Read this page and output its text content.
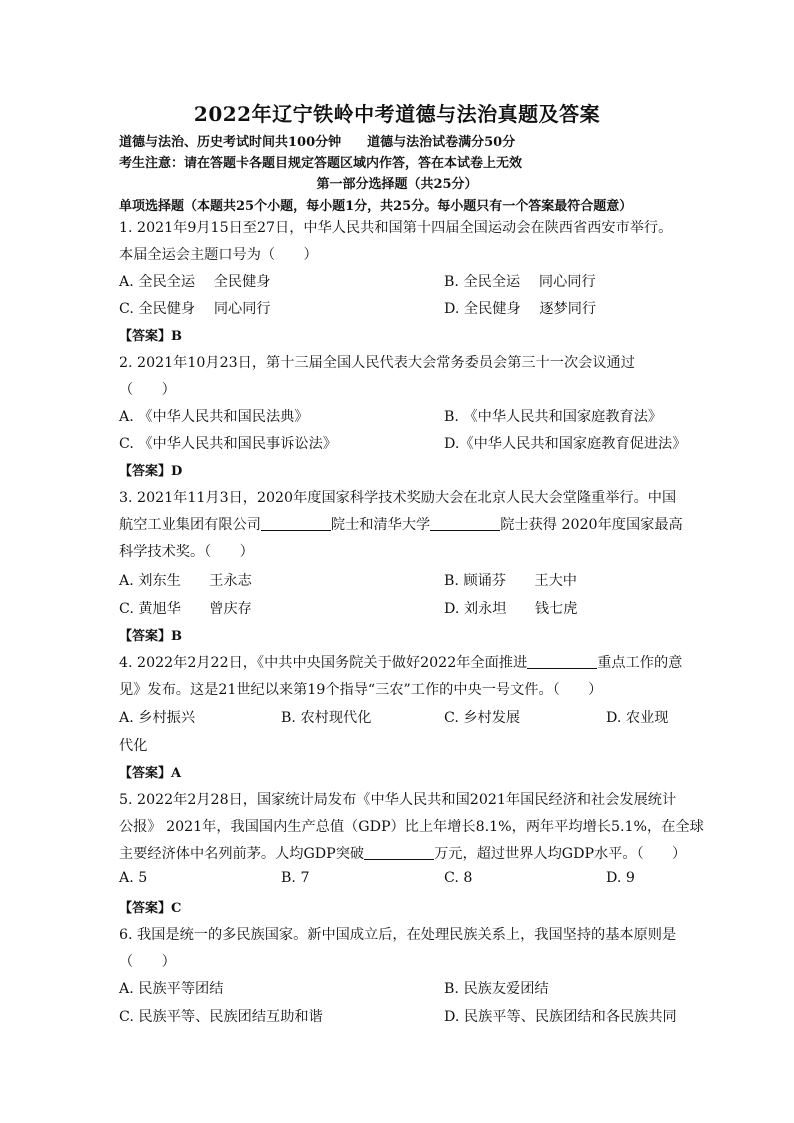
2022年辽宁铁岭中考道德与法治真题及答案
道德与法治、历史考试时间共100分钟　　道德与法治试卷满分50分
考生注意：请在答题卡各题目规定答题区域内作答，答在本试卷上无效
第一部分选择题（共25分）
单项选择题（本题共25个小题，每小题1分，共25分。每小题只有一个答案最符合题意）
1. 2021年9月15日至27日，中华人民共和国第十四届全国运动会在陕西省西安市举行。
本届全运会主题口号为（　　）
A. 全民全运　 全民健身	B. 全民全运　 同心同行
C. 全民健身　 同心同行	D. 全民健身　 逐梦同行
【答案】B
2. 2021年10月23日，第十三届全国人民代表大会常务委员会第三十一次会议通过
（　　）
A. 《中华人民共和国民法典》	B. 《中华人民共和国家庭教育法》
C. 《中华人民共和国民事诉讼法》	D.《中华人民共和国家庭教育促进法》
【答案】D
3. 2021年11月3日，2020年度国家科学技术奖励大会在北京人民大会堂隆重举行。中国
航空工业集团有限公司	院士和清华大学	院士获得 2020年度国家最高
科学技术奖。（　　）
A. 刘东生　　王永志	B. 顾诵芬　　王大中
C. 黄旭华　　曾庆存	D. 刘永坦　　钱七虎
【答案】B
4. 2022年2月22日，《中共中央国务院关于做好2022年全面推进	重点工作的意
见》发布。这是21世纪以来第19个指导“三农”工作的中央一号文件。（　　）
A. 乡村振兴	B. 农村现代化	C. 乡村发展	D. 农业现
代化
【答案】A
5. 2022年2月28日，国家统计局发布《中华人民共和国2021年国民经济和社会发展统计
公报》 2021年，我国国内生产总值（GDP）比上年增长8.1%，两年平均增长5.1%，在全球
主要经济体中名列前茅。人均GDP突破	万元，超过世界人均GDP水平。（　　）
A. 5	B. 7	C. 8	D. 9
【答案】C
6. 我国是统一的多民族国家。新中国成立后，在处理民族关系上，我国坚持的基本原则是
（　　）
A. 民族平等团结	B. 民族友爱团结
C. 民族平等、民族团结互助和谐	D. 民族平等、民族团结和各民族共同
